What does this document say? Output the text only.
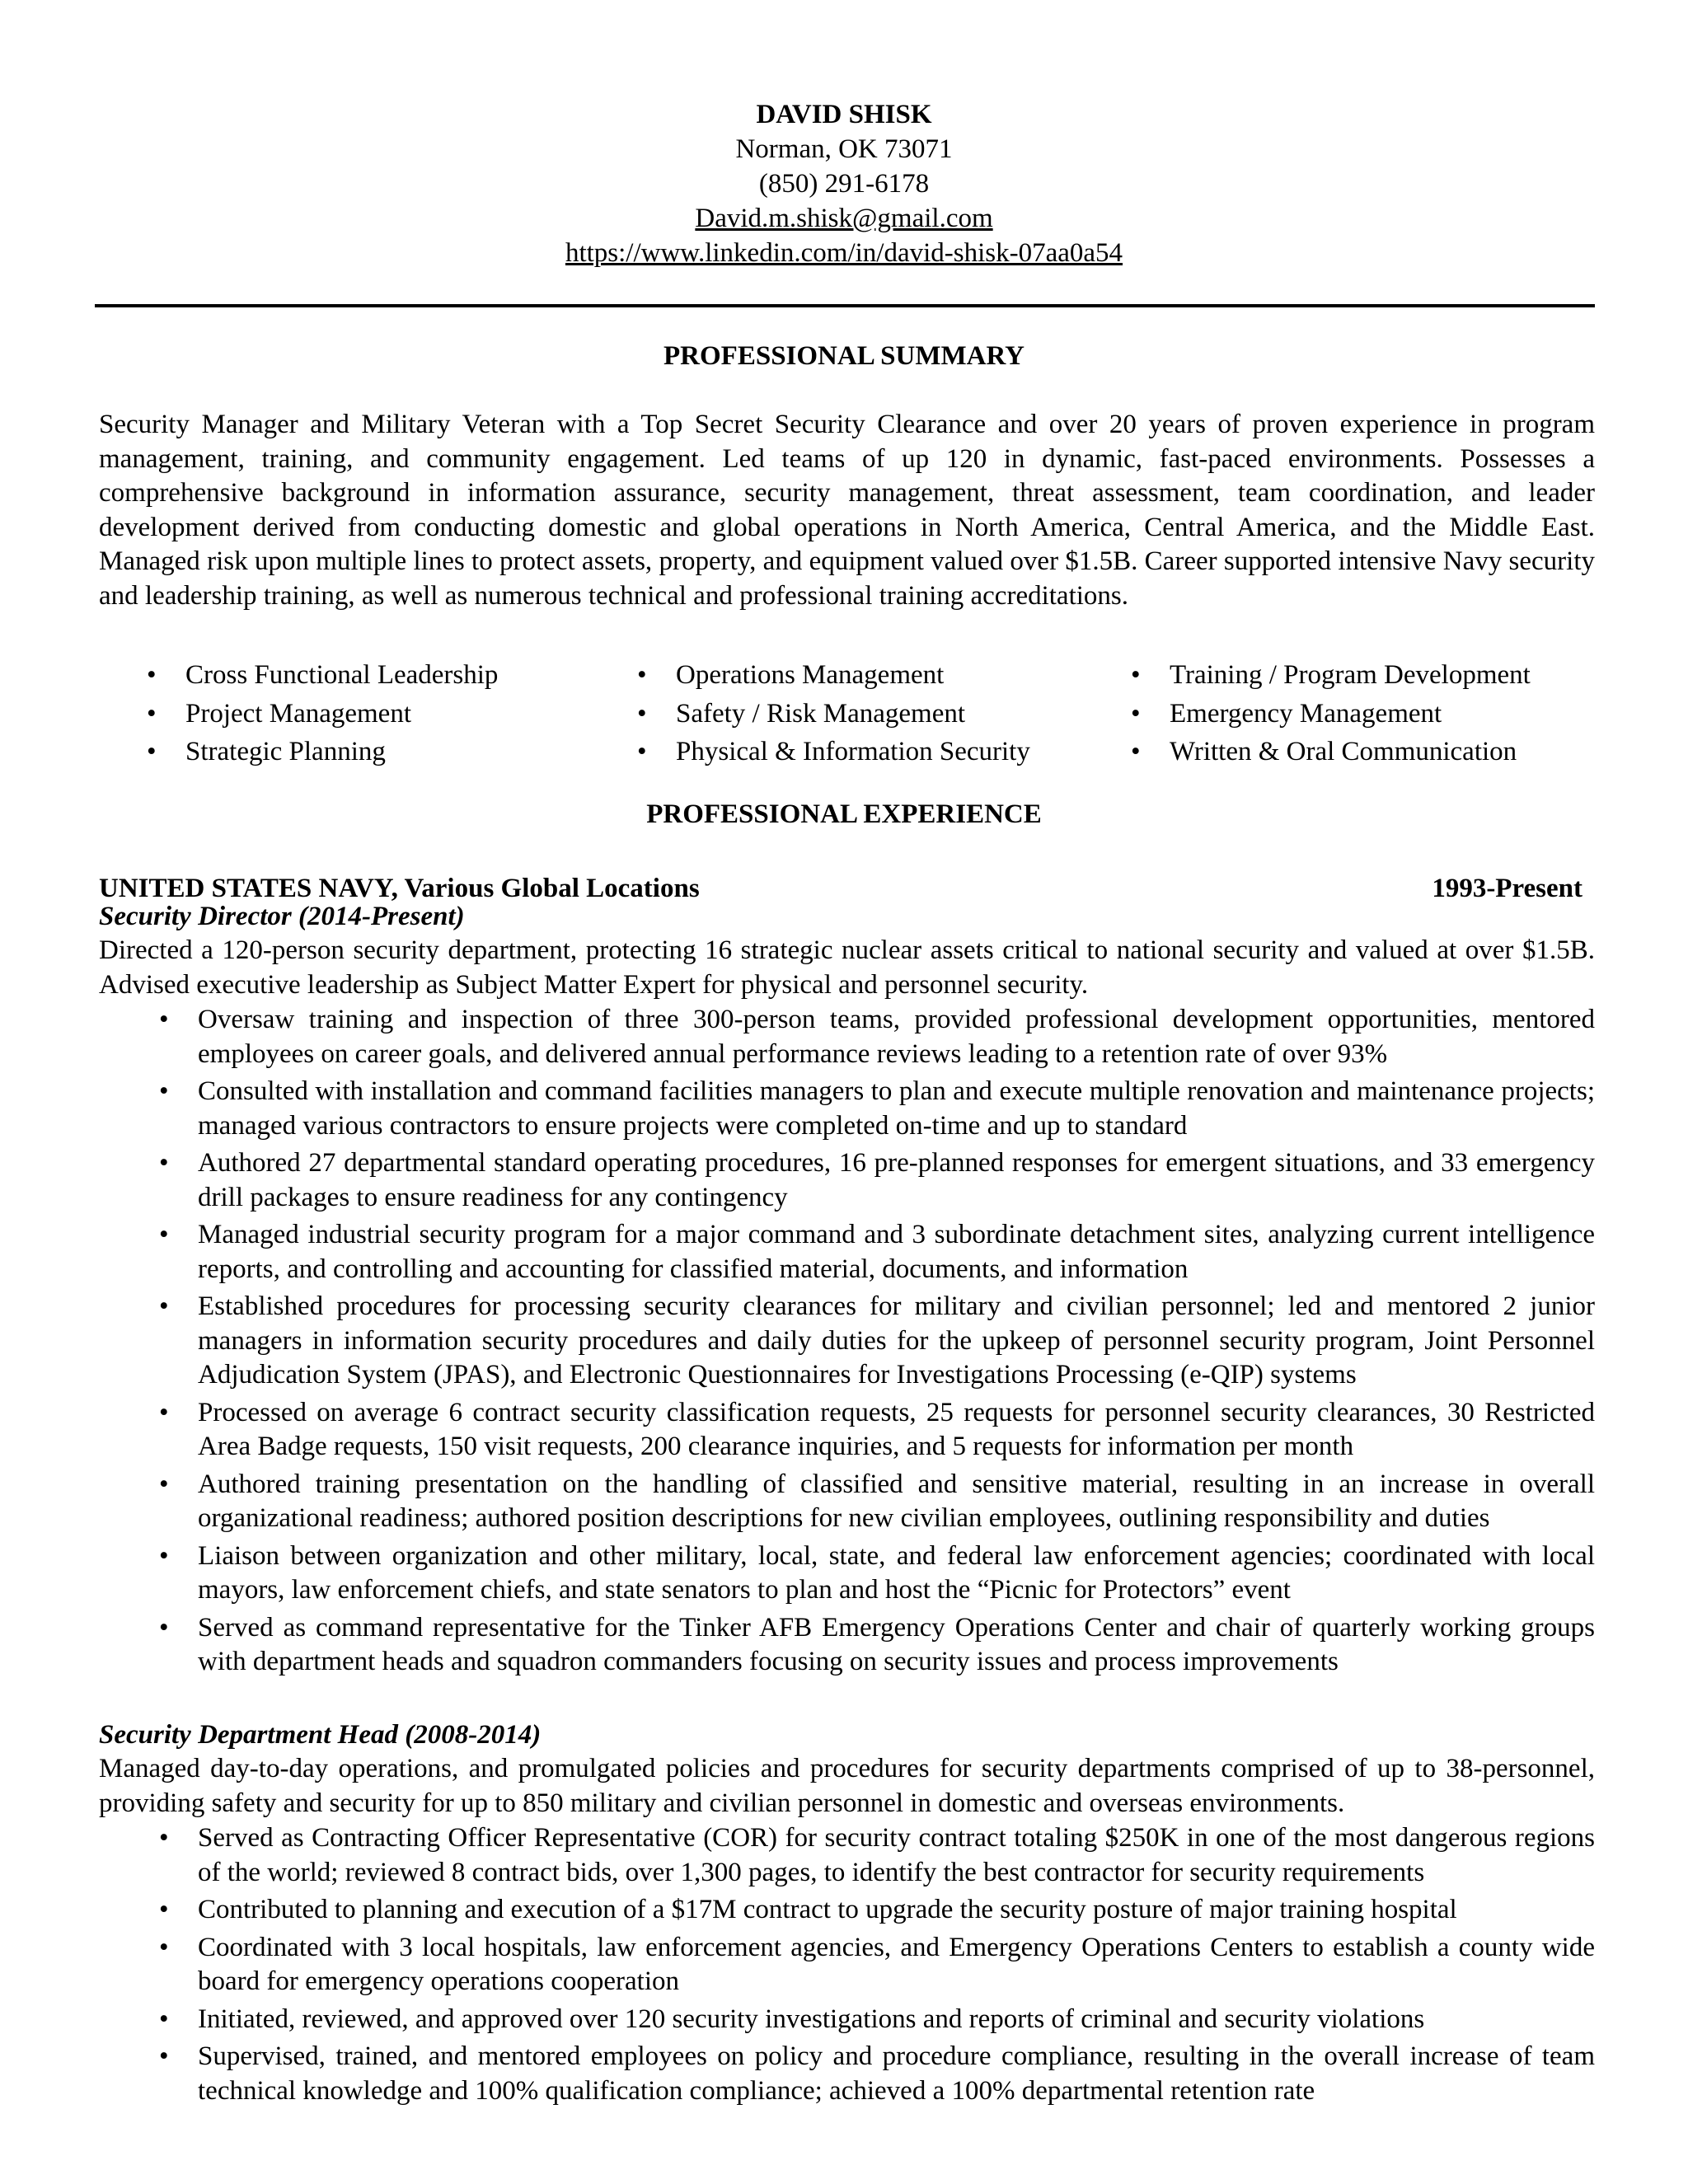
DAVID SHISK
Norman, OK 73071
(850) 291-6178
David.m.shisk@gmail.com
https://www.linkedin.com/in/david-shisk-07aa0a54
PROFESSIONAL SUMMARY
Security Manager and Military Veteran with a Top Secret Security Clearance and over 20 years of proven experience in program management, training, and community engagement. Led teams of up 120 in dynamic, fast-paced environments. Possesses a comprehensive background in information assurance, security management, threat assessment, team coordination, and leader development derived from conducting domestic and global operations in North America, Central America, and the Middle East. Managed risk upon multiple lines to protect assets, property, and equipment valued over $1.5B. Career supported intensive Navy security and leadership training, as well as numerous technical and professional training accreditations.
• Cross Functional Leadership
• Project Management
• Strategic Planning
• Operations Management
• Safety / Risk Management
• Physical & Information Security
• Training / Program Development
• Emergency Management
• Written & Oral Communication
PROFESSIONAL EXPERIENCE
UNITED STATES NAVY, Various Global Locations	1993-Present
Security Director (2014-Present)
Directed a 120-person security department, protecting 16 strategic nuclear assets critical to national security and valued at over $1.5B. Advised executive leadership as Subject Matter Expert for physical and personnel security.
• Oversaw training and inspection of three 300-person teams, provided professional development opportunities, mentored employees on career goals, and delivered annual performance reviews leading to a retention rate of over 93%
• Consulted with installation and command facilities managers to plan and execute multiple renovation and maintenance projects; managed various contractors to ensure projects were completed on-time and up to standard
• Authored 27 departmental standard operating procedures, 16 pre-planned responses for emergent situations, and 33 emergency drill packages to ensure readiness for any contingency
• Managed industrial security program for a major command and 3 subordinate detachment sites, analyzing current intelligence reports, and controlling and accounting for classified material, documents, and information
• Established procedures for processing security clearances for military and civilian personnel; led and mentored 2 junior managers in information security procedures and daily duties for the upkeep of personnel security program, Joint Personnel Adjudication System (JPAS), and Electronic Questionnaires for Investigations Processing (e-QIP) systems
• Processed on average 6 contract security classification requests, 25 requests for personnel security clearances, 30 Restricted Area Badge requests, 150 visit requests, 200 clearance inquiries, and 5 requests for information per month
• Authored training presentation on the handling of classified and sensitive material, resulting in an increase in overall organizational readiness; authored position descriptions for new civilian employees, outlining responsibility and duties
• Liaison between organization and other military, local, state, and federal law enforcement agencies; coordinated with local mayors, law enforcement chiefs, and state senators to plan and host the “Picnic for Protectors” event
• Served as command representative for the Tinker AFB Emergency Operations Center and chair of quarterly working groups with department heads and squadron commanders focusing on security issues and process improvements
Security Department Head (2008-2014)
Managed day-to-day operations, and promulgated policies and procedures for security departments comprised of up to 38-personnel, providing safety and security for up to 850 military and civilian personnel in domestic and overseas environments.
• Served as Contracting Officer Representative (COR) for security contract totaling $250K in one of the most dangerous regions of the world; reviewed 8 contract bids, over 1,300 pages, to identify the best contractor for security requirements
• Contributed to planning and execution of a $17M contract to upgrade the security posture of major training hospital
• Coordinated with 3 local hospitals, law enforcement agencies, and Emergency Operations Centers to establish a county wide board for emergency operations cooperation
• Initiated, reviewed, and approved over 120 security investigations and reports of criminal and security violations
• Supervised, trained, and mentored employees on policy and procedure compliance, resulting in the overall increase of team technical knowledge and 100% qualification compliance; achieved a 100% departmental retention rate
